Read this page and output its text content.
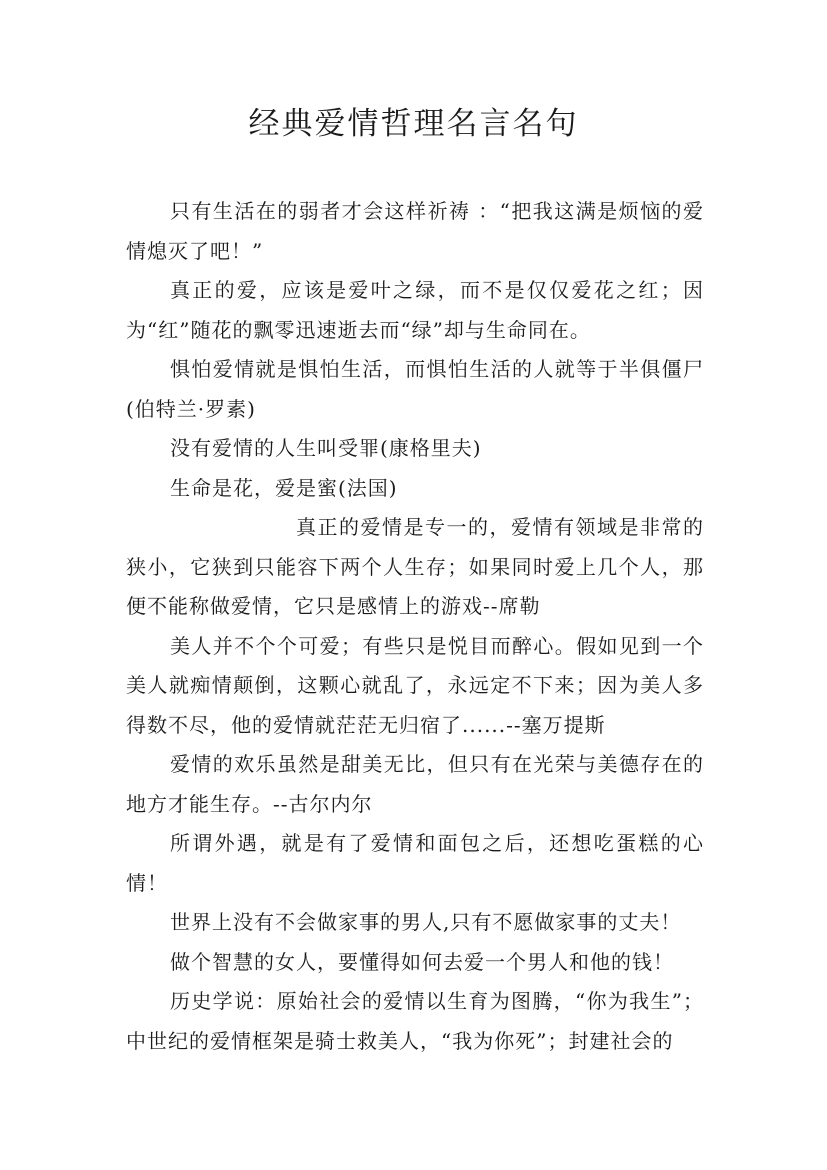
经典爱情哲理名言名句

只有生活在的弱者才会这样祈祷 ：“把我这满是烦恼的爱情熄灭了吧！”

真正的爱，应该是爱叶之绿，而不是仅仅爱花之红；因为“红”随花的飘零迅速逝去而“绿”却与生命同在。

惧怕爱情就是惧怕生活，而惧怕生活的人就等于半俱僵尸(伯特兰·罗素)

没有爱情的人生叫受罪(康格里夫)

生命是花，爱是蜜(法国)

真正的爱情是专一的，爱情有领域是非常的狭小，它狭到只能容下两个人生存；如果同时爱上几个人，那便不能称做爱情，它只是感情上的游戏--席勒

美人并不个个可爱；有些只是悦目而醉心。假如见到一个美人就痴情颠倒，这颗心就乱了，永远定不下来；因为美人多得数不尽，他的爱情就茫茫无归宿了......--塞万提斯

爱情的欢乐虽然是甜美无比，但只有在光荣与美德存在的地方才能生存。--古尔内尔

所谓外遇，就是有了爱情和面包之后，还想吃蛋糕的心情！

世界上没有不会做家事的男人,只有不愿做家事的丈夫！

做个智慧的女人，要懂得如何去爱一个男人和他的钱！

历史学说：原始社会的爱情以生育为图腾，“你为我生”；中世纪的爱情框架是骑士救美人，“我为你死”；封建社会的
